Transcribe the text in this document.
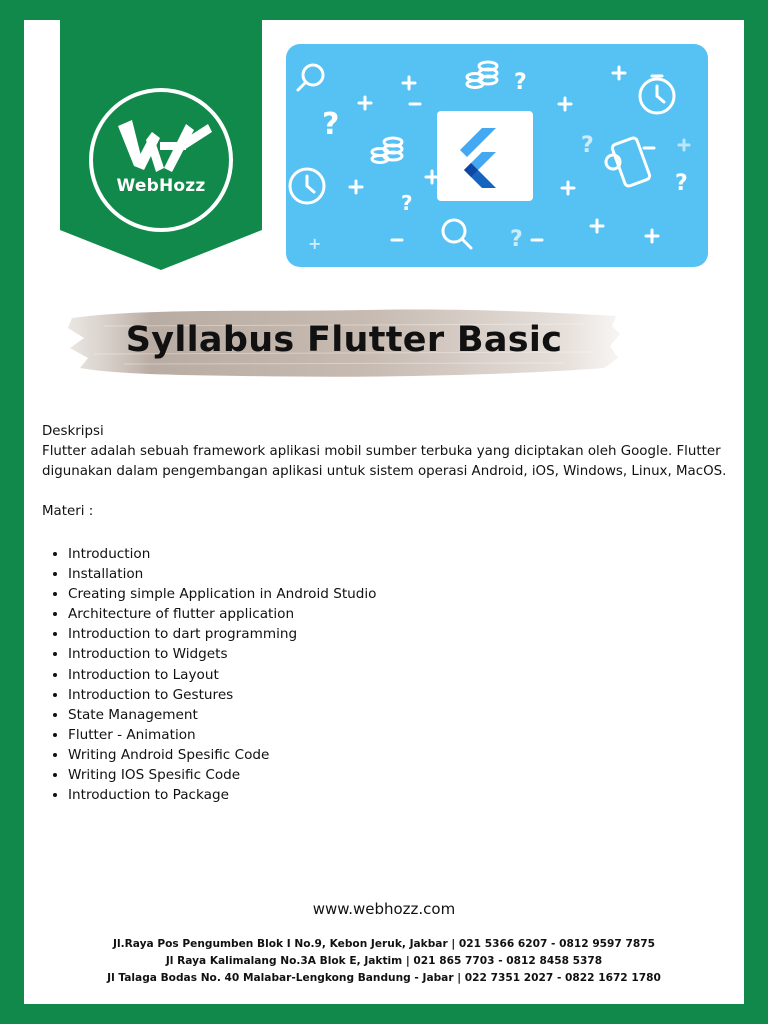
WebHozz
?
?
?
?
?
?
+
Syllabus Flutter Basic

Deskripsi

Flutter adalah sebuah framework aplikasi mobil sumber terbuka yang diciptakan oleh Google. Flutter digunakan dalam pengembangan aplikasi untuk sistem operasi Android, iOS, Windows, Linux, MacOS.

Materi :

• Introduction
• Installation
• Creating simple Application in Android Studio
• Architecture of flutter application
• Introduction to dart programming
• Introduction to Widgets
• Introduction to Layout
• Introduction to Gestures
• State Management
• Flutter - Animation
• Writing Android Spesific Code
• Writing IOS Spesific Code
• Introduction to Package
www.webhozz.com
Jl.Raya Pos Pengumben Blok I No.9, Kebon Jeruk, Jakbar | 021 5366 6207 - 0812 9597 7875
Jl Raya Kalimalang No.3A Blok E, Jaktim | 021 865 7703 - 0812 8458 5378
Jl Talaga Bodas No. 40 Malabar-Lengkong Bandung - Jabar | 022 7351 2027 - 0822 1672 1780
